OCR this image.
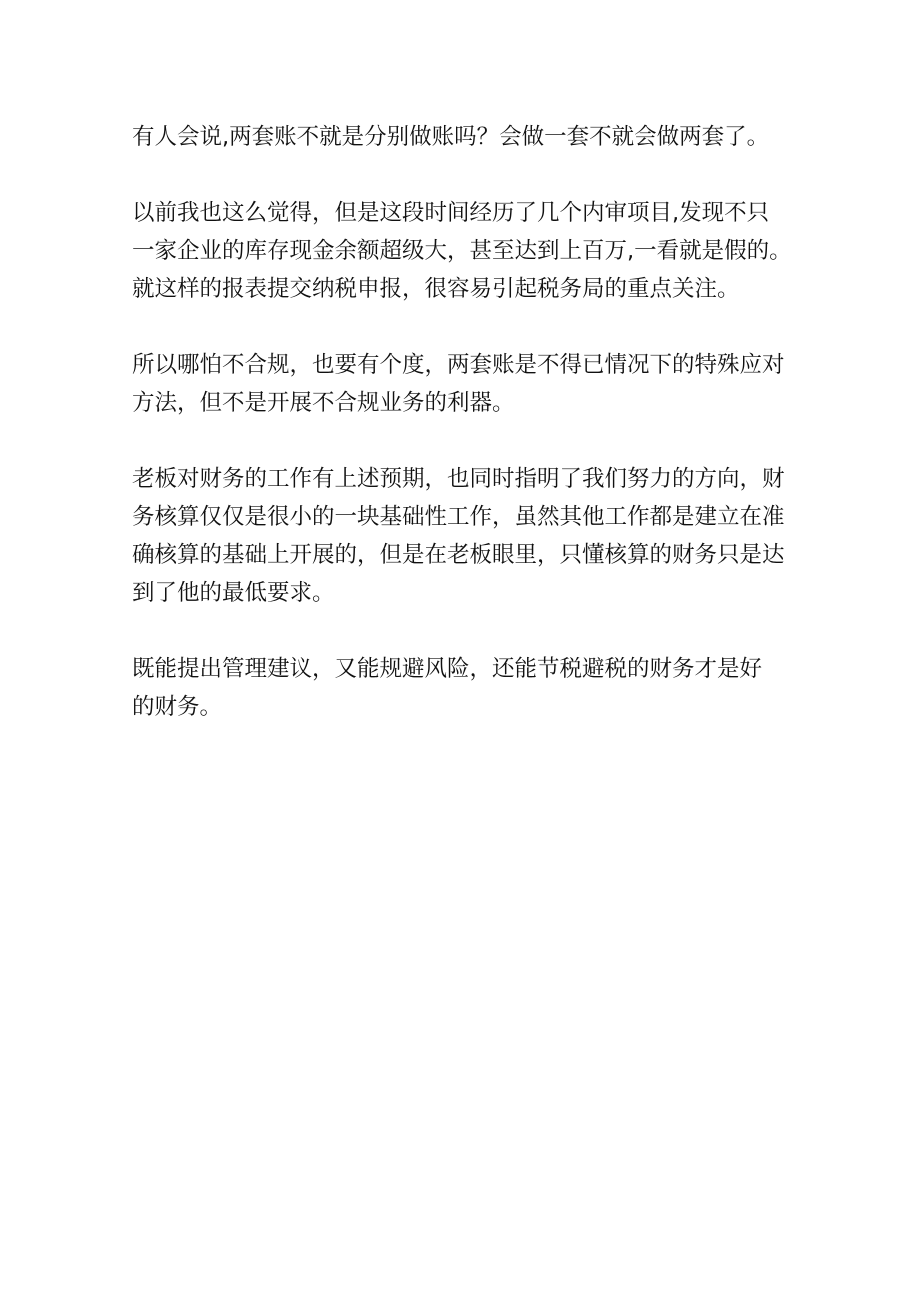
有人会说,两套账不就是分别做账吗？会做一套不就会做两套了。

以前我也这么觉得，但是这段时间经历了几个内审项目,发现不只
一家企业的库存现金余额超级大，甚至达到上百万,一看就是假的。
就这样的报表提交纳税申报，很容易引起税务局的重点关注。

所以哪怕不合规，也要有个度，两套账是不得已情况下的特殊应对
方法，但不是开展不合规业务的利器。

老板对财务的工作有上述预期，也同时指明了我们努力的方向，财
务核算仅仅是很小的一块基础性工作，虽然其他工作都是建立在准
确核算的基础上开展的，但是在老板眼里，只懂核算的财务只是达
到了他的最低要求。

既能提出管理建议，又能规避风险，还能节税避税的财务才是好
的财务。
